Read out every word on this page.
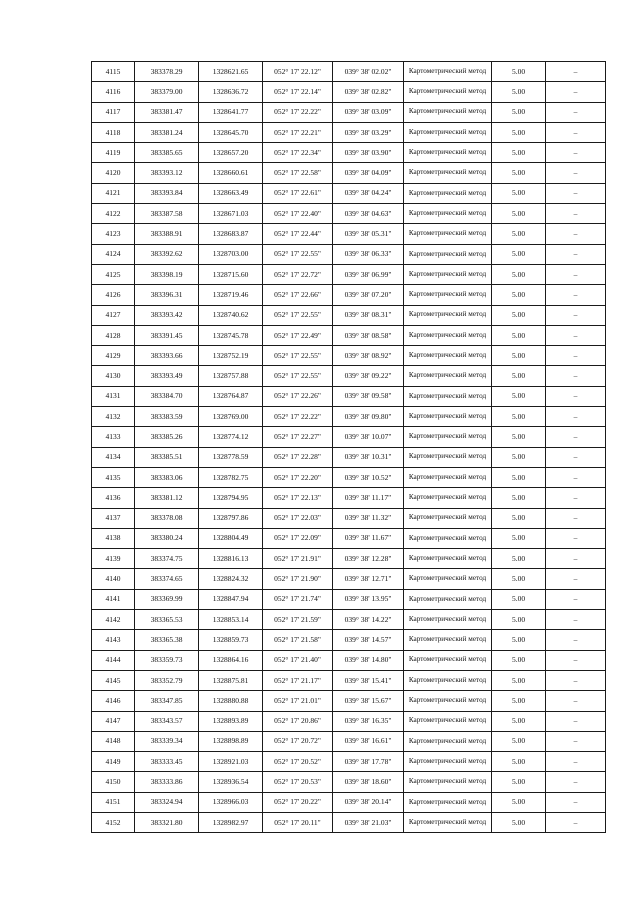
4115	383378.29	1328621.65	052° 17' 22.12"	039° 38' 02.02"	Картометрический метод	5.00	–
4116	383379.00	1328636.72	052° 17' 22.14"	039° 38' 02.82"	Картометрический метод	5.00	–
4117	383381.47	1328641.77	052° 17' 22.22"	039° 38' 03.09"	Картометрический метод	5.00	–
4118	383381.24	1328645.70	052° 17' 22.21"	039° 38' 03.29"	Картометрический метод	5.00	–
4119	383385.65	1328657.20	052° 17' 22.34"	039° 38' 03.90"	Картометрический метод	5.00	–
4120	383393.12	1328660.61	052° 17' 22.58"	039° 38' 04.09"	Картометрический метод	5.00	–
4121	383393.84	1328663.49	052° 17' 22.61"	039° 38' 04.24"	Картометрический метод	5.00	–
4122	383387.58	1328671.03	052° 17' 22.40"	039° 38' 04.63"	Картометрический метод	5.00	–
4123	383388.91	1328683.87	052° 17' 22.44"	039° 38' 05.31"	Картометрический метод	5.00	–
4124	383392.62	1328703.00	052° 17' 22.55"	039° 38' 06.33"	Картометрический метод	5.00	–
4125	383398.19	1328715.60	052° 17' 22.72"	039° 38' 06.99"	Картометрический метод	5.00	–
4126	383396.31	1328719.46	052° 17' 22.66"	039° 38' 07.20"	Картометрический метод	5.00	–
4127	383393.42	1328740.62	052° 17' 22.55"	039° 38' 08.31"	Картометрический метод	5.00	–
4128	383391.45	1328745.78	052° 17' 22.49"	039° 38' 08.58"	Картометрический метод	5.00	–
4129	383393.66	1328752.19	052° 17' 22.55"	039° 38' 08.92"	Картометрический метод	5.00	–
4130	383393.49	1328757.88	052° 17' 22.55"	039° 38' 09.22"	Картометрический метод	5.00	–
4131	383384.70	1328764.87	052° 17' 22.26"	039° 38' 09.58"	Картометрический метод	5.00	–
4132	383383.59	1328769.00	052° 17' 22.22"	039° 38' 09.80"	Картометрический метод	5.00	–
4133	383385.26	1328774.12	052° 17' 22.27"	039° 38' 10.07"	Картометрический метод	5.00	–
4134	383385.51	1328778.59	052° 17' 22.28"	039° 38' 10.31"	Картометрический метод	5.00	–
4135	383383.06	1328782.75	052° 17' 22.20"	039° 38' 10.52"	Картометрический метод	5.00	–
4136	383381.12	1328794.95	052° 17' 22.13"	039° 38' 11.17"	Картометрический метод	5.00	–
4137	383378.08	1328797.86	052° 17' 22.03"	039° 38' 11.32"	Картометрический метод	5.00	–
4138	383380.24	1328804.49	052° 17' 22.09"	039° 38' 11.67"	Картометрический метод	5.00	–
4139	383374.75	1328816.13	052° 17' 21.91"	039° 38' 12.28"	Картометрический метод	5.00	–
4140	383374.65	1328824.32	052° 17' 21.90"	039° 38' 12.71"	Картометрический метод	5.00	–
4141	383369.99	1328847.94	052° 17' 21.74"	039° 38' 13.95"	Картометрический метод	5.00	–
4142	383365.53	1328853.14	052° 17' 21.59"	039° 38' 14.22"	Картометрический метод	5.00	–
4143	383365.38	1328859.73	052° 17' 21.58"	039° 38' 14.57"	Картометрический метод	5.00	–
4144	383359.73	1328864.16	052° 17' 21.40"	039° 38' 14.80"	Картометрический метод	5.00	–
4145	383352.79	1328875.81	052° 17' 21.17"	039° 38' 15.41"	Картометрический метод	5.00	–
4146	383347.85	1328880.88	052° 17' 21.01"	039° 38' 15.67"	Картометрический метод	5.00	–
4147	383343.57	1328893.89	052° 17' 20.86"	039° 38' 16.35"	Картометрический метод	5.00	–
4148	383339.34	1328898.89	052° 17' 20.72"	039° 38' 16.61"	Картометрический метод	5.00	–
4149	383333.45	1328921.03	052° 17' 20.52"	039° 38' 17.78"	Картометрический метод	5.00	–
4150	383333.86	1328936.54	052° 17' 20.53"	039° 38' 18.60"	Картометрический метод	5.00	–
4151	383324.94	1328966.03	052° 17' 20.22"	039° 38' 20.14"	Картометрический метод	5.00	–
4152	383321.80	1328982.97	052° 17' 20.11"	039° 38' 21.03"	Картометрический метод	5.00	–
